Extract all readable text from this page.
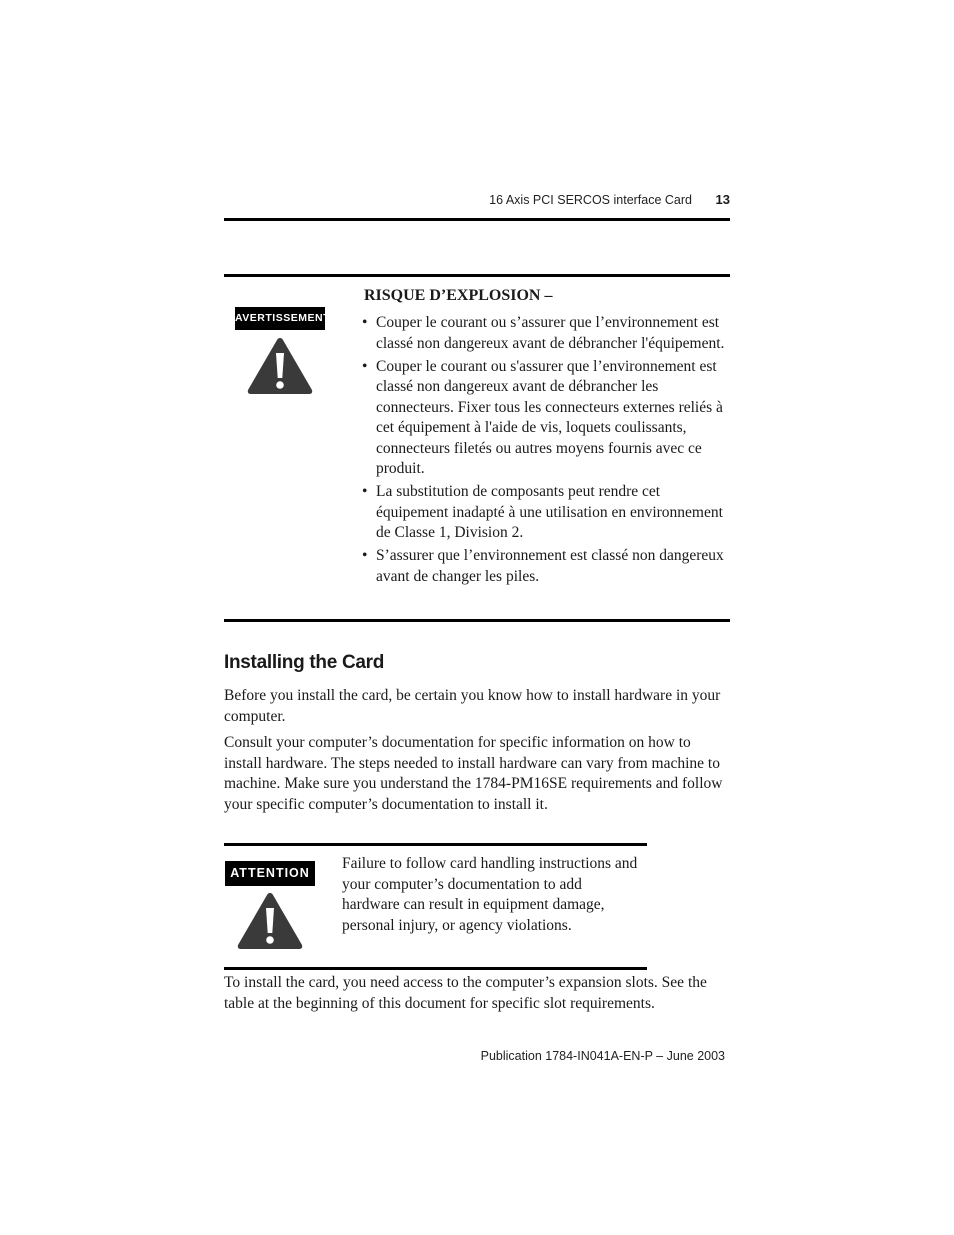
16 Axis PCI SERCOS interface Card 13
AVERTISSEMENT
RISQUE D’EXPLOSION –
• Couper le courant ou s’assurer que l’environnement est classé non dangereux avant de débrancher l'équipement.
• Couper le courant ou s'assurer que l’environnement est classé non dangereux avant de débrancher les connecteurs. Fixer tous les connecteurs externes reliés à cet équipement à l'aide de vis, loquets coulissants, connecteurs filetés ou autres moyens fournis avec ce produit.
• La substitution de composants peut rendre cet équipement inadapté à une utilisation en environnement de Classe 1, Division 2.
• S’assurer que l’environnement est classé non dangereux avant de changer les piles.
Installing the Card

Before you install the card, be certain you know how to install hardware in your computer.

Consult your computer’s documentation for specific information on how to install hardware. The steps needed to install hardware can vary from machine to machine. Make sure you understand the 1784-PM16SE requirements and follow your specific computer’s documentation to install it.

ATTENTION

Failure to follow card handling instructions and your computer’s documentation to add hardware can result in equipment damage, personal injury, or agency violations.

To install the card, you need access to the computer’s expansion slots. See the table at the beginning of this document for specific slot requirements.

Publication 1784-IN041A-EN-P – June 2003
